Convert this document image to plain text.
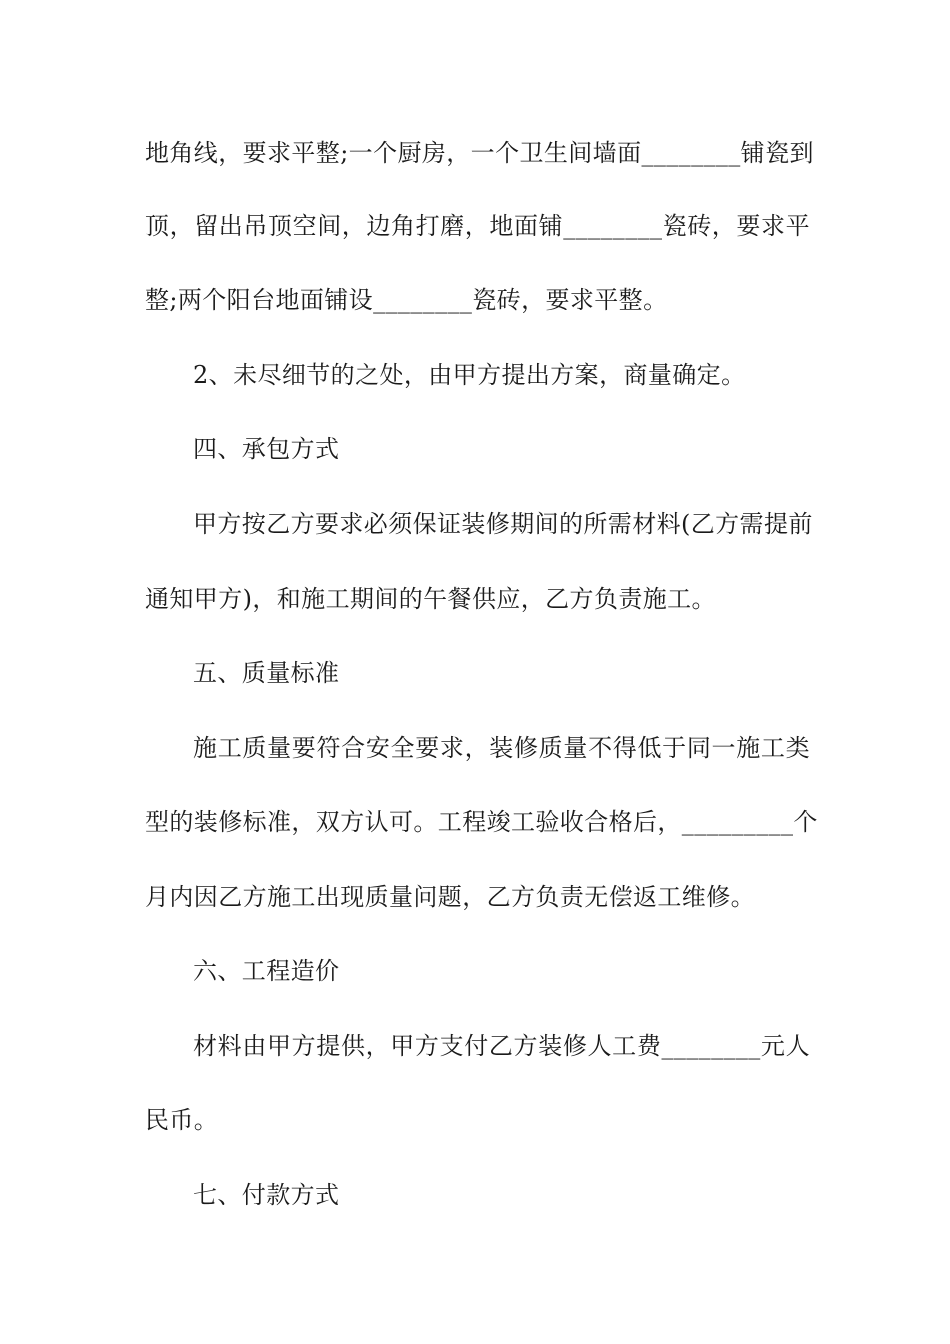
地角线，要求平整;一个厨房，一个卫生间墙面________铺瓷到
顶，留出吊顶空间，边角打磨，地面铺________瓷砖，要求平
整;两个阳台地面铺设________瓷砖，要求平整。
2、未尽细节的之处，由甲方提出方案，商量确定。
四、承包方式
甲方按乙方要求必须保证装修期间的所需材料(乙方需提前
通知甲方)，和施工期间的午餐供应，乙方负责施工。
五、质量标准
施工质量要符合安全要求，装修质量不得低于同一施工类
型的装修标准，双方认可。工程竣工验收合格后，_________个
月内因乙方施工出现质量问题，乙方负责无偿返工维修。
六、工程造价
材料由甲方提供，甲方支付乙方装修人工费________元人
民币。
七、付款方式
